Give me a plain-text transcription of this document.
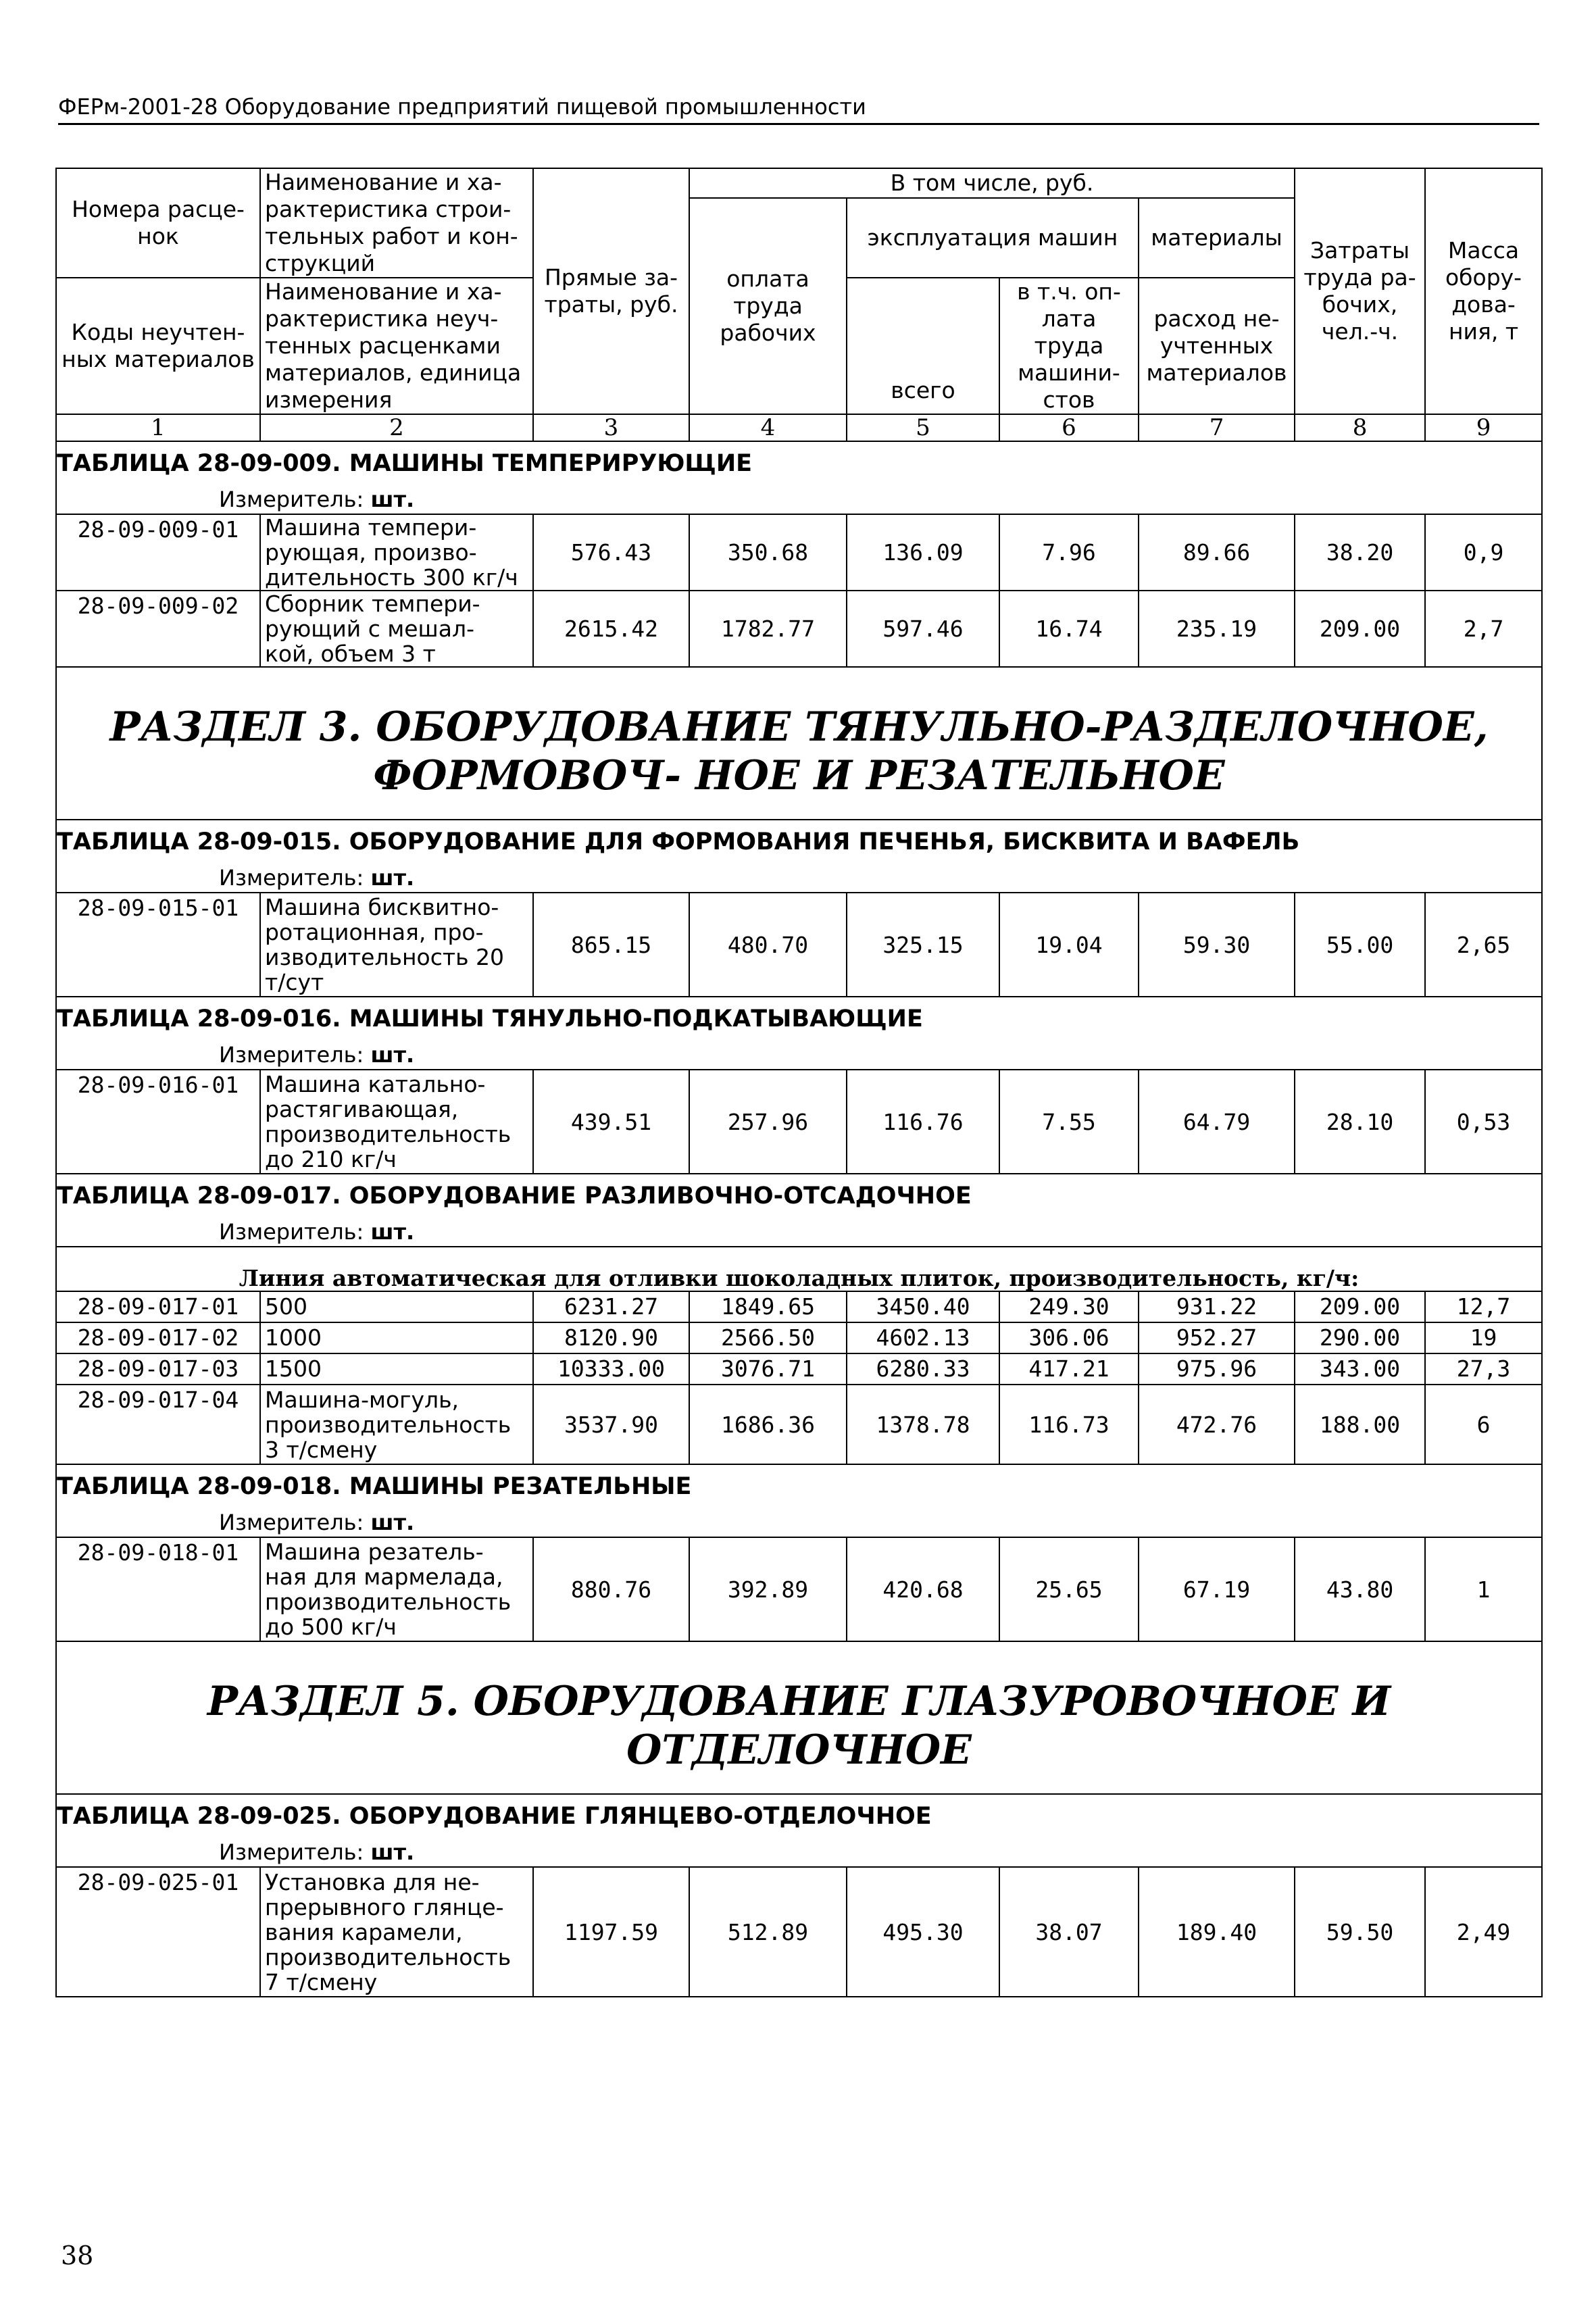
ФЕРм-2001-28 Оборудование предприятий пищевой промышленности
Номера расце- нок	Наименование и ха- рактеристика строи- тельных работ и кон- струкций	Прямые за- траты, руб.	В том числе, руб.				Затраты труда ра- бочих, чел.-ч.	Масса обору- дова- ния, т
			оплата труда рабочих	эксплуатация машин		материалы		
Коды неучтен- ных материалов	Наименование и ха- рактеристика неуч- тенных расценками материалов, единица измерения			всего	в т.ч. оп- лата труда машини- стов	расход не- учтенных материалов		

1	2	3	4	5	6	7	8	9
ТАБЛИЦА 28-09-009. МАШИНЫ ТЕМПЕРИРУЮЩИЕ								
Измеритель: шт.								
28-09-009-01	Машина темпери- рующая, произво- дительность 300 кг/ч	576.43	350.68	136.09	7.96	89.66	38.20	0,9
28-09-009-02	Сборник темпери- рующий с мешал- кой, объем 3 т	2615.42	1782.77	597.46	16.74	235.19	209.00	2,7
РАЗДЕЛ 3. ОБОРУДОВАНИЕ ТЯНУЛЬНО-РАЗДЕЛОЧНОЕ, ФОРМОВОЧ- НОЕ И РЕЗАТЕЛЬНОЕ								
ТАБЛИЦА 28-09-015. ОБОРУДОВАНИЕ ДЛЯ ФОРМОВАНИЯ ПЕЧЕНЬЯ, БИСКВИТА И ВАФЕЛЬ								
Измеритель: шт.								
28-09-015-01	Машина бисквитно- ротационная, про- изводительность 20 т/сут	865.15	480.70	325.15	19.04	59.30	55.00	2,65
ТАБЛИЦА 28-09-016. МАШИНЫ ТЯНУЛЬНО-ПОДКАТЫВАЮЩИЕ								
Измеритель: шт.								
28-09-016-01	Машина катально- растягивающая, производительность до 210 кг/ч	439.51	257.96	116.76	7.55	64.79	28.10	0,53
ТАБЛИЦА 28-09-017. ОБОРУДОВАНИЕ РАЗЛИВОЧНО-ОТСАДОЧНОЕ								
Измеритель: шт.								
Линия автоматическая для отливки шоколадных плиток, производительность, кг/ч:								
28-09-017-01	500	6231.27	1849.65	3450.40	249.30	931.22	209.00	12,7
28-09-017-02	1000	8120.90	2566.50	4602.13	306.06	952.27	290.00	19
28-09-017-03	1500	10333.00	3076.71	6280.33	417.21	975.96	343.00	27,3
28-09-017-04	Машина-могуль, производительность 3 т/смену	3537.90	1686.36	1378.78	116.73	472.76	188.00	6
ТАБЛИЦА 28-09-018. МАШИНЫ РЕЗАТЕЛЬНЫЕ								
Измеритель: шт.								
28-09-018-01	Машина резатель- ная для мармелада, производительность до 500 кг/ч	880.76	392.89	420.68	25.65	67.19	43.80	1
РАЗДЕЛ 5. ОБОРУДОВАНИЕ ГЛАЗУРОВОЧНОЕ И ОТДЕЛОЧНОЕ								
ТАБЛИЦА 28-09-025. ОБОРУДОВАНИЕ ГЛЯНЦЕВО-ОТДЕЛОЧНОЕ								
Измеритель: шт.								
28-09-025-01	Установка для не- прерывного глянце- вания карамели, производительность 7 т/смену	1197.59	512.89	495.30	38.07	189.40	59.50	2,49
38
